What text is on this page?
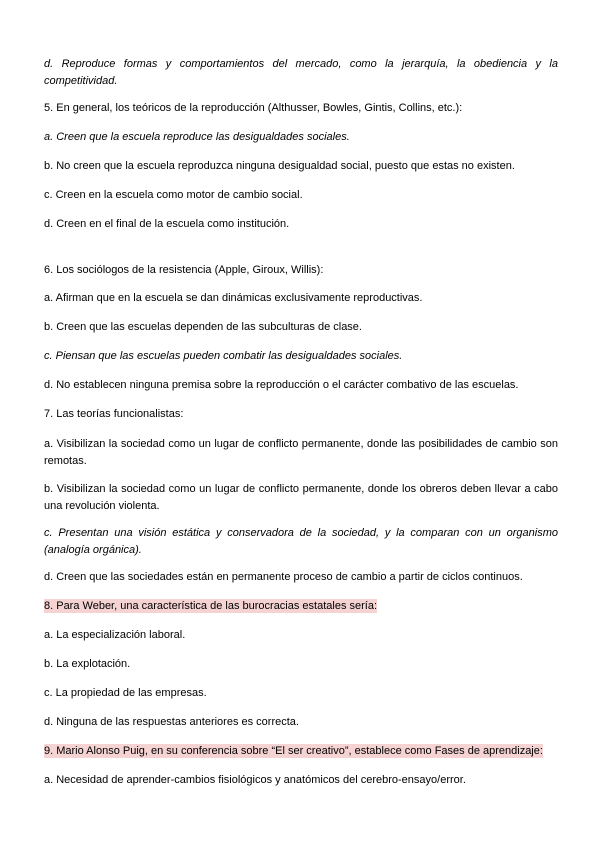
d. Reproduce formas y comportamientos del mercado, como la jerarquía, la obediencia y la competitividad.

5. En general, los teóricos de la reproducción (Althusser, Bowles, Gintis, Collins, etc.):

a. Creen que la escuela reproduce las desigualdades sociales.

b. No creen que la escuela reproduzca ninguna desigualdad social, puesto que estas no existen.

c. Creen en la escuela como motor de cambio social.

d. Creen en el final de la escuela como institución.

6. Los sociólogos de la resistencia (Apple, Giroux, Willis):

a. Afirman que en la escuela se dan dinámicas exclusivamente reproductivas.

b. Creen que las escuelas dependen de las subculturas de clase.

c. Piensan que las escuelas pueden combatir las desigualdades sociales.

d. No establecen ninguna premisa sobre la reproducción o el carácter combativo de las escuelas.

7. Las teorías funcionalistas:

a. Visibilizan la sociedad como un lugar de conflicto permanente, donde las posibilidades de cambio son remotas.

b. Visibilizan la sociedad como un lugar de conflicto permanente, donde los obreros deben llevar a cabo una revolución violenta.

c. Presentan una visión estática y conservadora de la sociedad, y la comparan con un organismo (analogía orgánica).

d. Creen que las sociedades están en permanente proceso de cambio a partir de ciclos continuos.

8. Para Weber, una característica de las burocracias estatales sería:

a. La especialización laboral.

b. La explotación.

c. La propiedad de las empresas.

d. Ninguna de las respuestas anteriores es correcta.

9. Mario Alonso Puig, en su conferencia sobre “El ser creativo”, establece como Fases de aprendizaje:

a. Necesidad de aprender-cambios fisiológicos y anatómicos del cerebro-ensayo/error.
